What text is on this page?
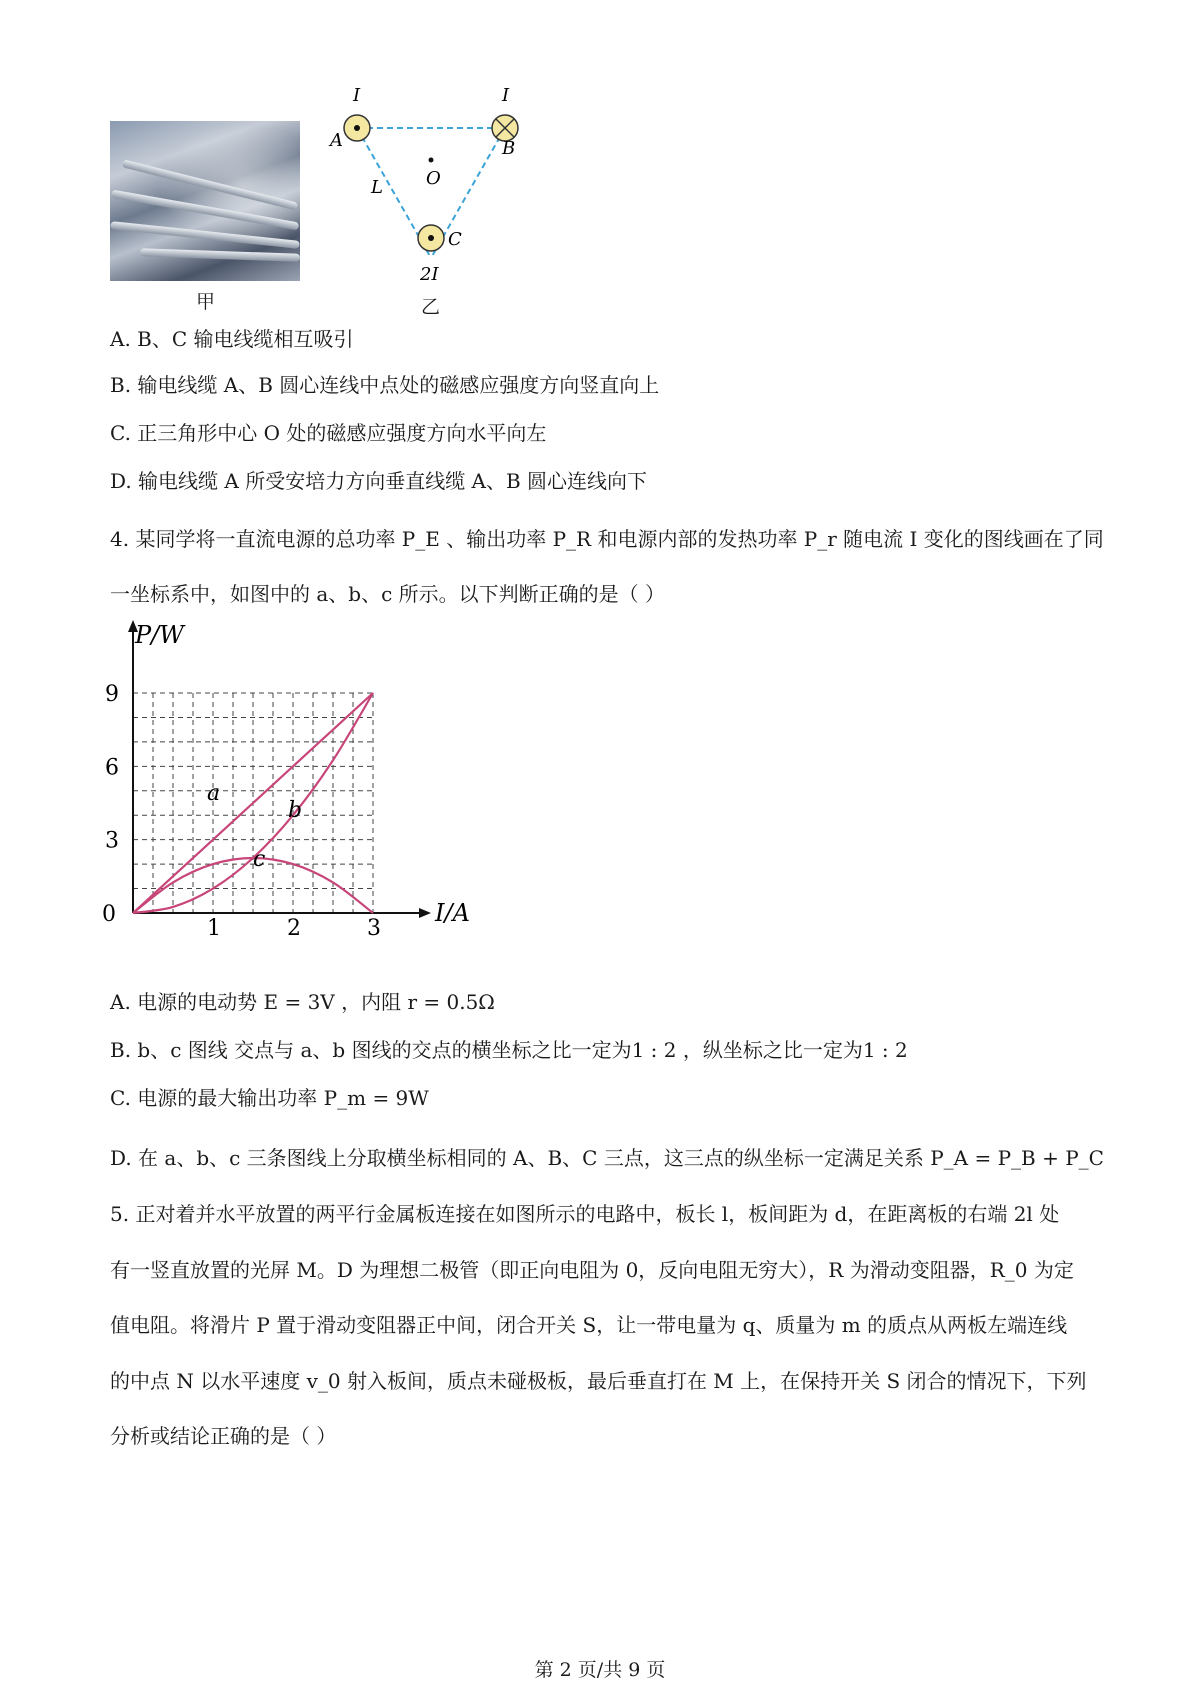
甲
I	I
A	B
O
L
C
2I
乙
A. B、C 输电线缆相互吸引
B. 输电线缆 A、B 圆心连线中点处的磁感应强度方向竖直向上
C. 正三角形中心 O 处的磁感应强度方向水平向左
D. 输电线缆 A 所受安培力方向垂直线缆 A、B 圆心连线向下
4. 某同学将一直流电源的总功率 P_E 、输出功率 P_R 和电源内部的发热功率 P_r 随电流 I 变化的图线画在了同
一坐标系中，如图中的 a、b、c 所示。以下判断正确的是（ ）
1	2	3
0
3
6
9
I/A
P/W
a
b
c
A. 电源的电动势 E = 3V ，内阻 r = 0.5Ω
B. b、c 图线 交点与 a、b 图线的交点的横坐标之比一定为1 : 2 ，纵坐标之比一定为1 : 2
C. 电源的最大输出功率 P_m = 9W
D. 在 a、b、c 三条图线上分取横坐标相同的 A、B、C 三点，这三点的纵坐标一定满足关系 P_A = P_B + P_C
5. 正对着并水平放置的两平行金属板连接在如图所示的电路中，板长 l，板间距为 d，在距离板的右端 2l 处
有一竖直放置的光屏 M。D 为理想二极管（即正向电阻为 0，反向电阻无穷大），R 为滑动变阻器，R_0 为定
值电阻。将滑片 P 置于滑动变阻器正中间，闭合开关 S，让一带电量为 q、质量为 m 的质点从两板左端连线
的中点 N 以水平速度 v_0 射入板间，质点未碰极板，最后垂直打在 M 上，在保持开关 S 闭合的情况下，下列
分析或结论正确的是（ ）
第 2 页/共 9 页
